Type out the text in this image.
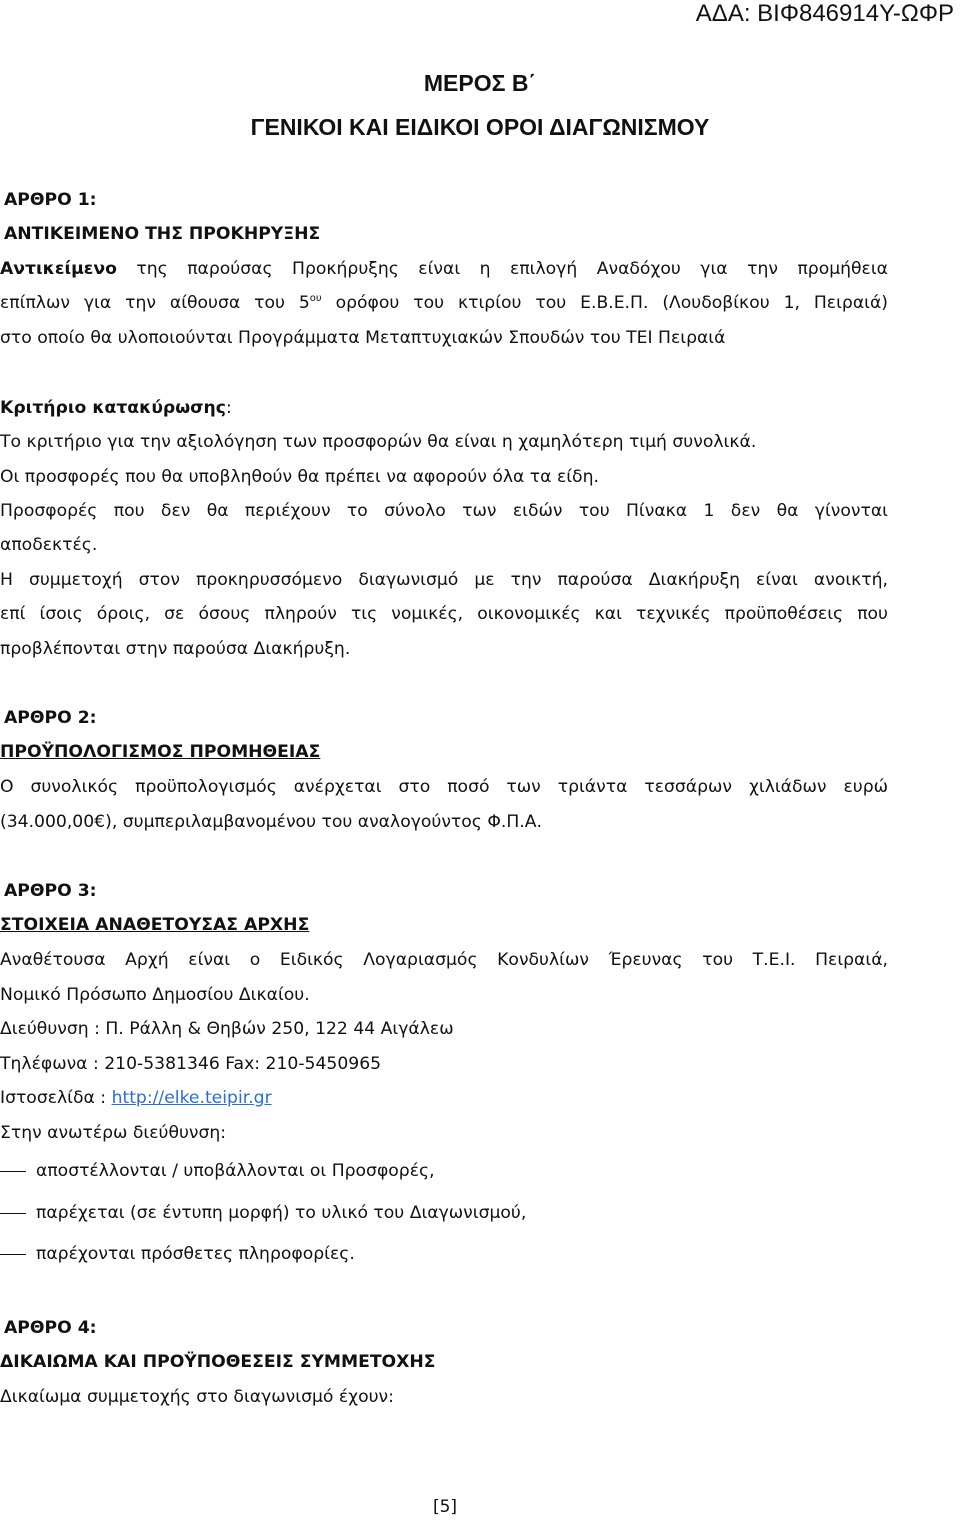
ΑΔΑ: ΒΙΦ846914Υ-ΩΦΡ
ΜΕΡΟΣ Β΄
ΓΕΝΙΚΟΙ ΚΑΙ ΕΙΔΙΚΟΙ ΟΡΟΙ ΔΙΑΓΩΝΙΣΜΟΥ
ΑΡΘΡΟ 1:
ΑΝΤΙΚΕΙΜΕΝΟ ΤΗΣ ΠΡΟΚΗΡΥΞΗΣ
Αντικείμενο της παρούσας Προκήρυξης είναι η επιλογή Αναδόχου για την προμήθεια
επίπλων για την αίθουσα του $5^{o\upsilon}$ ορόφου του κτιρίου του Ε.Β.Ε.Π. (Λουδοβίκου 1, Πειραιά)
στο οποίο θα υλοποιούνται Προγράμματα Μεταπτυχιακών Σπουδών του ΤΕΙ Πειραιά
Κριτήριο κατακύρωσης:
Το κριτήριο για την αξιολόγηση των προσφορών θα είναι η χαμηλότερη τιμή συνολικά.
Οι προσφορές που θα υποβληθούν θα πρέπει να αφορούν όλα τα είδη.
Προσφορές που δεν θα περιέχουν το σύνολο των ειδών του Πίνακα 1 δεν θα γίνονται
αποδεκτές.
Η συμμετοχή στον προκηρυσσόμενο διαγωνισμό με την παρούσα Διακήρυξη είναι ανοικτή,
επί ίσοις όροις, σε όσους πληρούν τις νομικές, οικονομικές και τεχνικές προϋποθέσεις που
προβλέπονται στην παρούσα Διακήρυξη.
ΑΡΘΡΟ 2:
ΠΡΟΫΠΟΛΟΓΙΣΜΟΣ ΠΡΟΜΗΘΕΙΑΣ
Ο συνολικός προϋπολογισμός ανέρχεται στο ποσό των τριάντα τεσσάρων χιλιάδων ευρώ
(34.000,00€), συμπεριλαμβανομένου του αναλογούντος Φ.Π.Α.
ΑΡΘΡΟ 3:
ΣΤΟΙΧΕΙΑ ΑΝΑΘΕΤΟΥΣΑΣ ΑΡΧΗΣ
Αναθέτουσα Αρχή είναι ο Ειδικός Λογαριασμός Κονδυλίων Έρευνας του Τ.Ε.Ι. Πειραιά,
Νομικό Πρόσωπο Δημοσίου Δικαίου.
Διεύθυνση : Π. Ράλλη & Θηβών 250, 122 44 Αιγάλεω
Τηλέφωνα : 210-5381346 Fax: 210-5450965
Ιστοσελίδα : http://elke.teipir.gr
Στην ανωτέρω διεύθυνση:
αποστέλλονται / υποβάλλονται οι Προσφορές,
παρέχεται (σε έντυπη μορφή) το υλικό του Διαγωνισμού,
παρέχονται πρόσθετες πληροφορίες.
ΑΡΘΡΟ 4:
ΔΙΚΑΙΩΜΑ ΚΑΙ ΠΡΟΫΠΟΘΕΣΕΙΣ ΣΥΜΜΕΤΟΧΗΣ
Δικαίωμα συμμετοχής στο διαγωνισμό έχουν:
[5]
